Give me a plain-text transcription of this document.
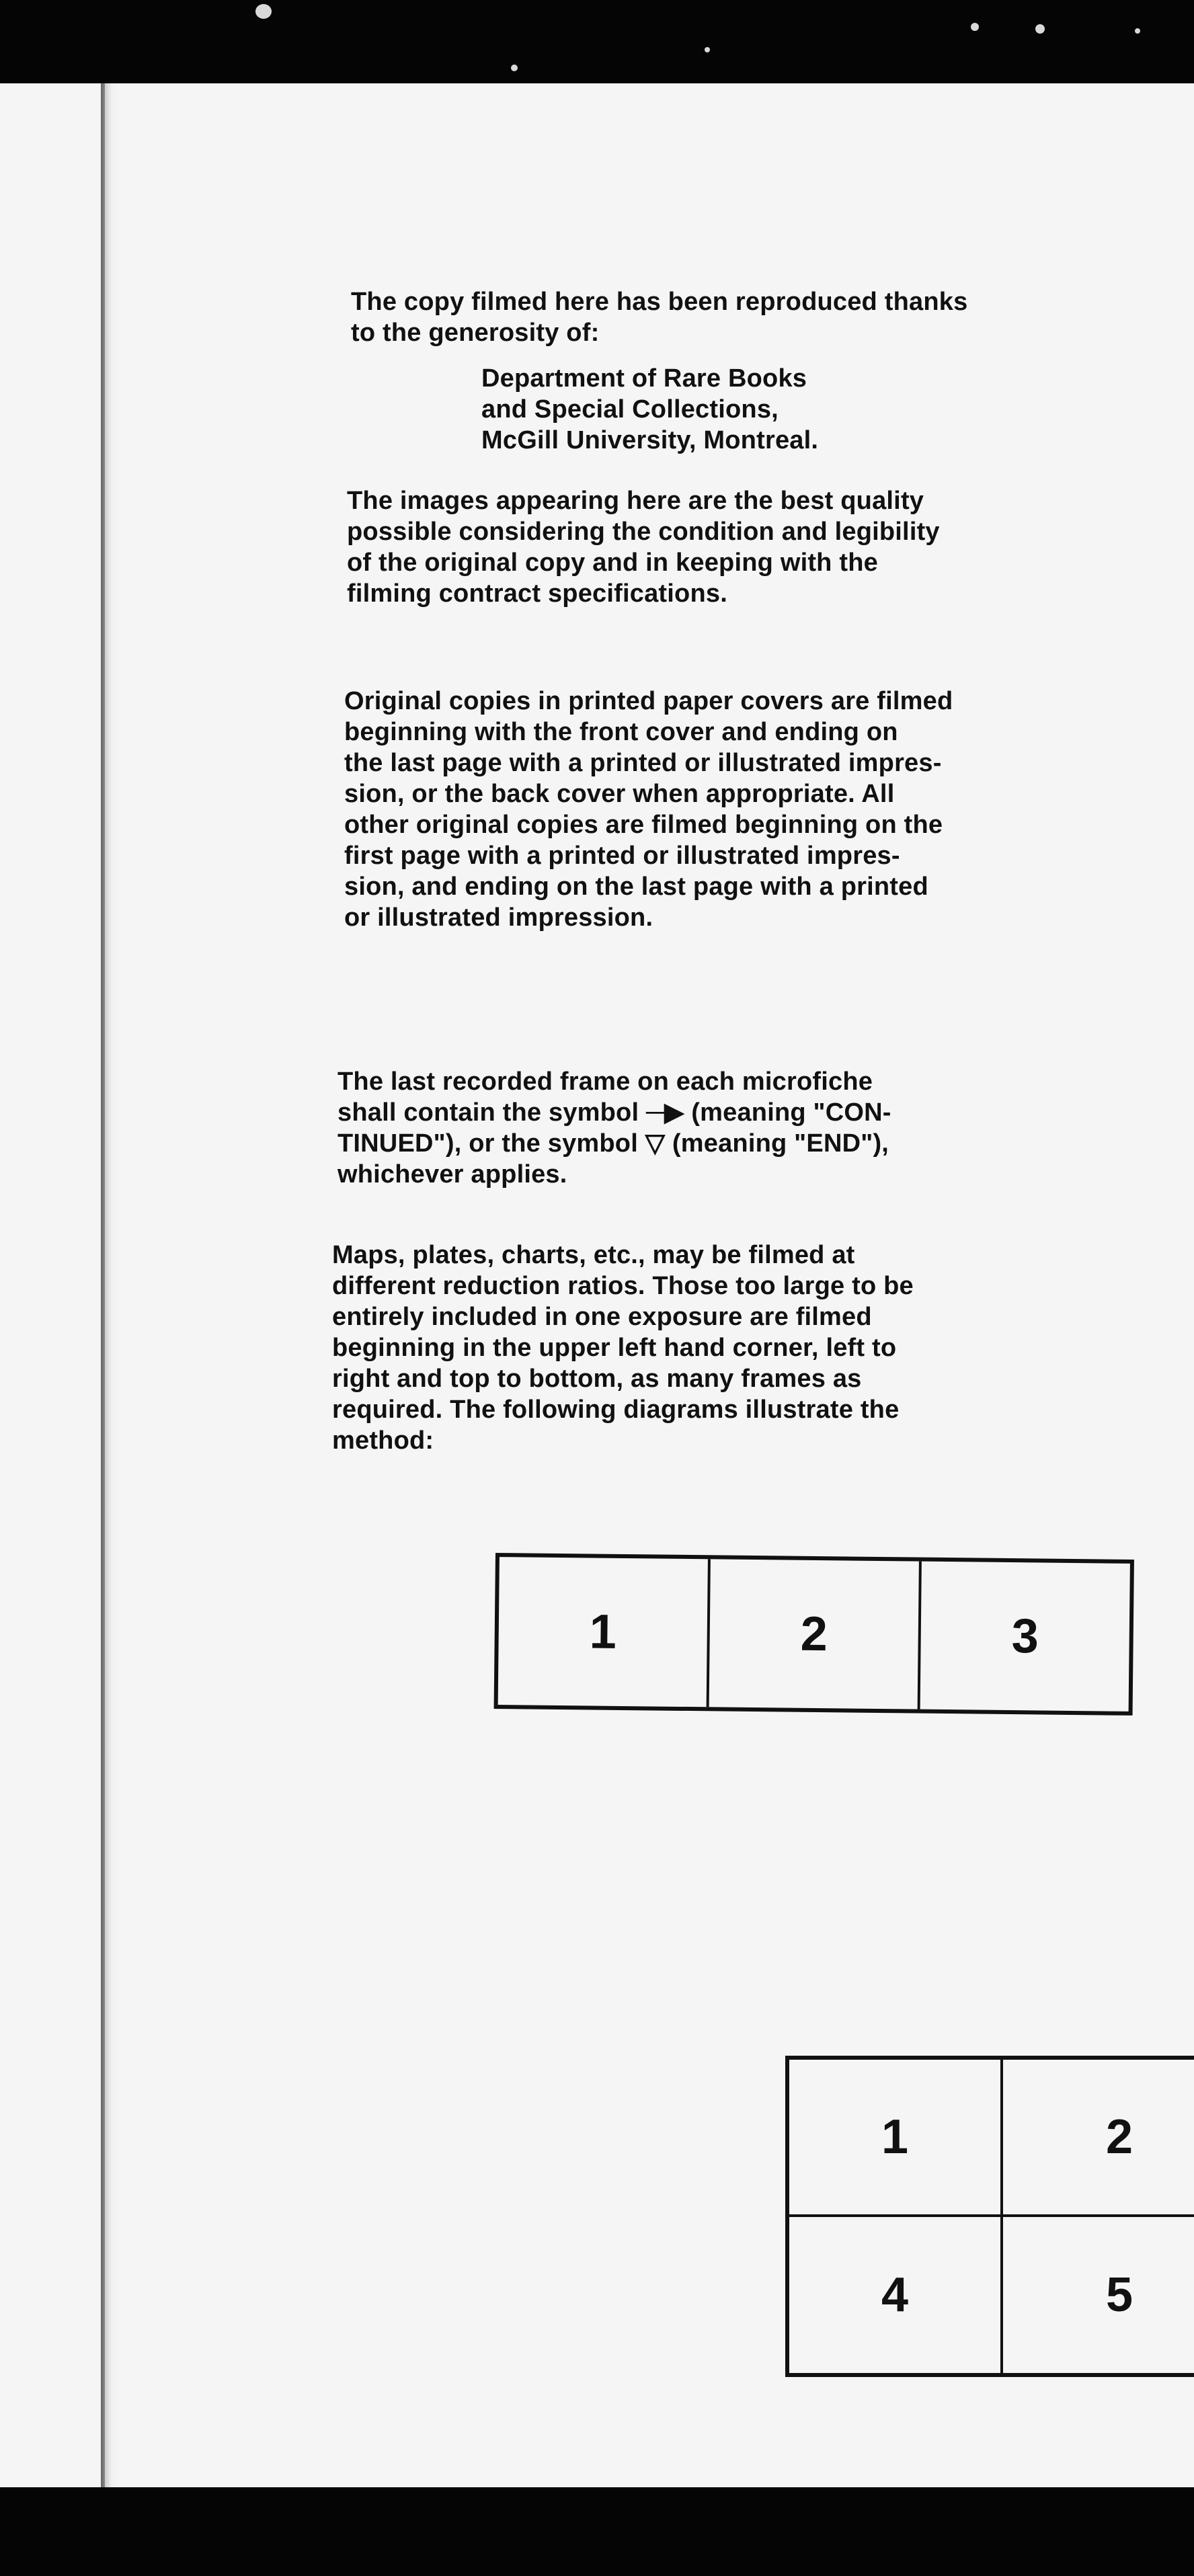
The copy filmed here has been reproduced thanks
to the generosity of:
Department of Rare Books
and Special Collections,
McGill University, Montreal.
The images appearing here are the best quality
possible considering the condition and legibility
of the original copy and in keeping with the
filming contract specifications.
Original copies in printed paper covers are filmed
beginning with the front cover and ending on
the last page with a printed or illustrated impres-
sion, or the back cover when appropriate. All
other original copies are filmed beginning on the
first page with a printed or illustrated impres-
sion, and ending on the last page with a printed
or illustrated impression.
The last recorded frame on each microfiche
shall contain the symbol ─▶ (meaning "CON-
TINUED"), or the symbol ▽ (meaning "END"),
whichever applies.
Maps, plates, charts, etc., may be filmed at
different reduction ratios. Those too large to be
entirely included in one exposure are filmed
beginning in the upper left hand corner, left to
right and top to bottom, as many frames as
required. The following diagrams illustrate the
method:
1	2	3
1	2
4	5
